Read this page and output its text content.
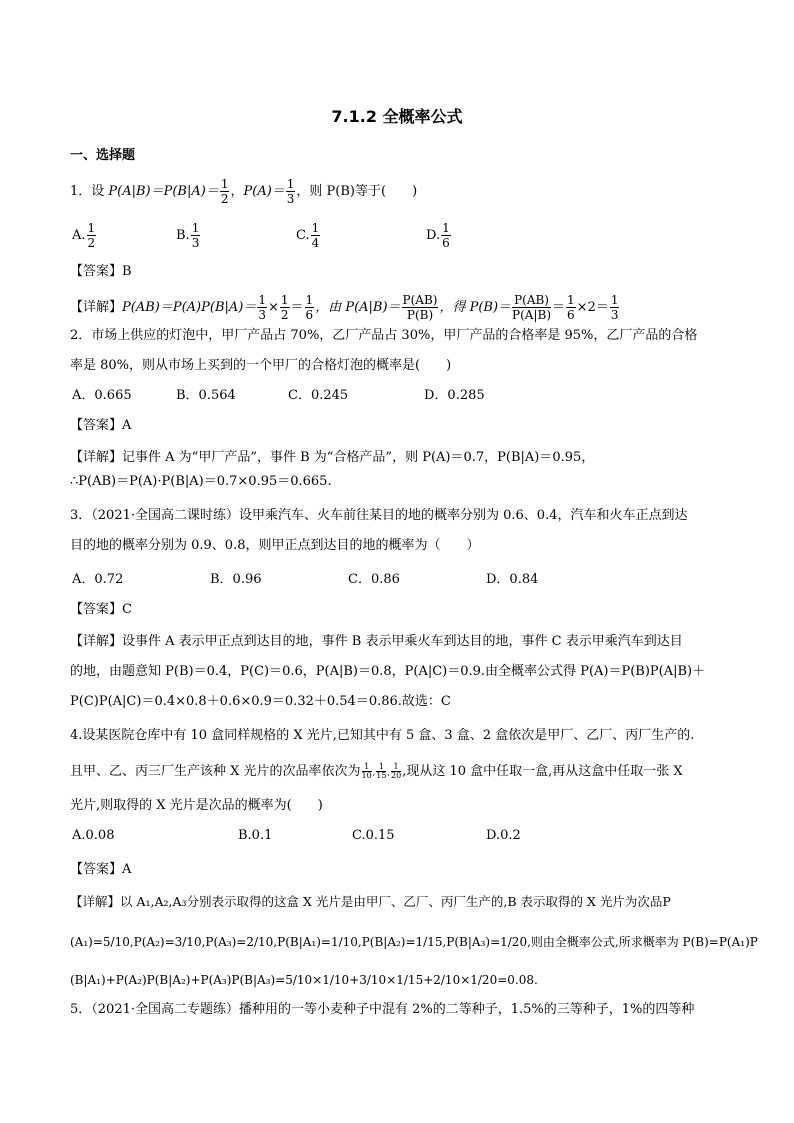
7.1.2 全概率公式
一、选择题
1．设 $P(A|B)=P(B|A)= \frac{1}{2}$ ，$P(A)= \frac{1}{3}$ ，则 P(B)等于(　　)
A. $\frac{1}{2}$	B. $\frac{1}{3}$	C. $\frac{1}{4}$	D. $\frac{1}{6}$
【答案】B
【详解】$P(AB)=P(A)P(B|A)= \frac{1}{3} \times \frac{1}{2} = \frac{1}{6}$ ，由 $P(A|B)= \frac{P(AB)}{P(B)}$ ，得 $P(B)= \frac{P(AB)}{P(A|B)} = \frac{1}{6} \times 2= \frac{1}{3}$
2．市场上供应的灯泡中，甲厂产品占 70%，乙厂产品占 30%，甲厂产品的合格率是 95%，乙厂产品的合格
率是 80%，则从市场上买到的一个甲厂的合格灯泡的概率是(　　)
A．0.665	B．0.564	C．0.245	D．0.285
【答案】A
【详解】记事件 A 为“甲厂产品”，事件 B 为“合格产品”，则 P(A)＝0.7，P(B|A)＝0.95，
∴P(AB)＝P(A)·P(B|A)＝0.7×0.95＝0.665.
3．（2021·全国高二课时练）设甲乘汽车、火车前往某目的地的概率分别为 0.6、0.4，汽车和火车正点到达
目的地的概率分别为 0.9、0.8，则甲正点到达目的地的概率为（　　）
A．0.72	B．0.96	C．0.86	D．0.84
【答案】C
【详解】设事件 A 表示甲正点到达目的地，事件 B 表示甲乘火车到达目的地，事件 C 表示甲乘汽车到达目
的地，由题意知 P(B)＝0.4，P(C)＝0.6，P(A|B)＝0.8，P(A|C)＝0.9.由全概率公式得 P(A)＝P(B)P(A|B)＋
P(C)P(A|C)＝0.4×0.8＋0.6×0.9＝0.32＋0.54＝0.86.故选：C
4.设某医院仓库中有 10 盒同样规格的 X 光片,已知其中有 5 盒、3 盒、2 盒依次是甲厂、乙厂、丙厂生产的.
且甲、乙、丙三厂生产该种 X 光片的次品率依次为 $\frac{1}{10}$ , $\frac{1}{15}$ , $\frac{1}{20}$ ,现从这 10 盒中任取一盒,再从这盒中任取一张 X
光片,则取得的 X 光片是次品的概率为(　　)
A.0.08	B.0.1	C.0.15	D.0.2
【答案】A
【详解】以 A₁,A₂,A₃分别表示取得的这盒 X 光片是由甲厂、乙厂、丙厂生产的,B 表示取得的 X 光片为次品P
(A₁)=5/10,P(A₂)=3/10,P(A₃)=2/10,P(B|A₁)=1/10,P(B|A₂)=1/15,P(B|A₃)=1/20,则由全概率公式,所求概率为 P(B)=P(A₁)P
(B|A₁)+P(A₂)P(B|A₂)+P(A₃)P(B|A₃)=5/10×1/10+3/10×1/15+2/10×1/20=0.08.
5．（2021·全国高二专题练）播种用的一等小麦种子中混有 2%的二等种子，1.5%的三等种子，1%的四等种
